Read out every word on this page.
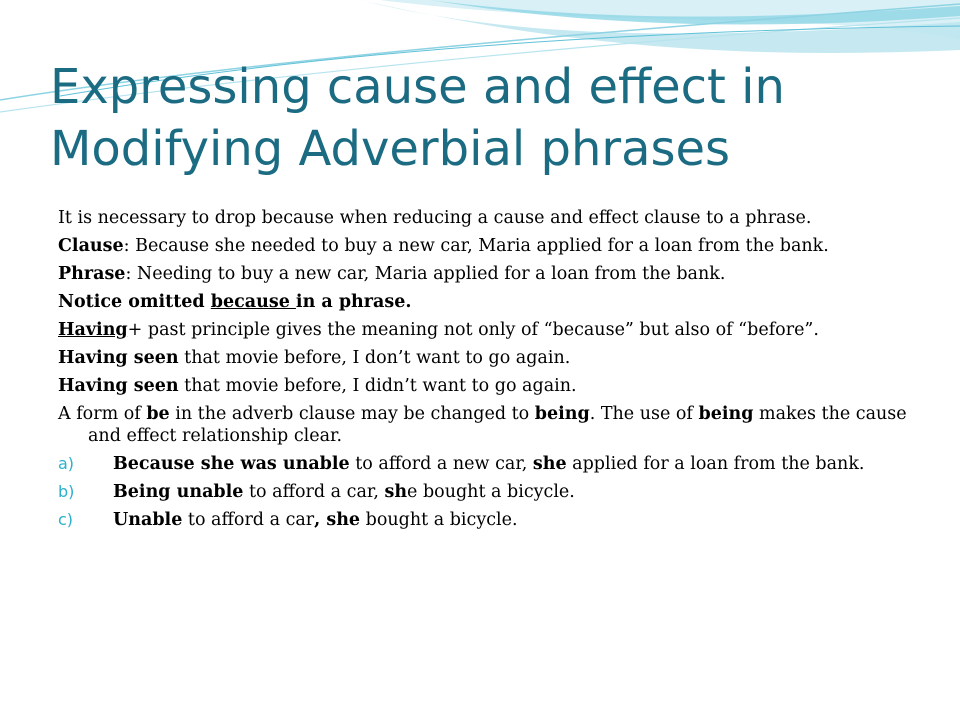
Expressing cause and effect in
Modifying Adverbial phrases

It is necessary to drop because when reducing a cause and effect clause to a phrase.

Clause: Because she needed to buy a new car, Maria applied for a loan from the bank.

Phrase: Needing to buy a new car, Maria applied for a loan from the bank.

Notice omitted because in a phrase.

Having+ past principle gives the meaning not only of “because” but also of “before”.

Having seen that movie before, I don’t want to go again.

Having seen that movie before, I didn’t want to go again.

A form of be in the adverb clause may be changed to being. The use of being makes the cause and effect relationship clear.

a) Because she was unable to afford a new car, she applied for a loan from the bank.
b) Being unable to afford a car, she bought a bicycle.
c) Unable to afford a car, she bought a bicycle.
